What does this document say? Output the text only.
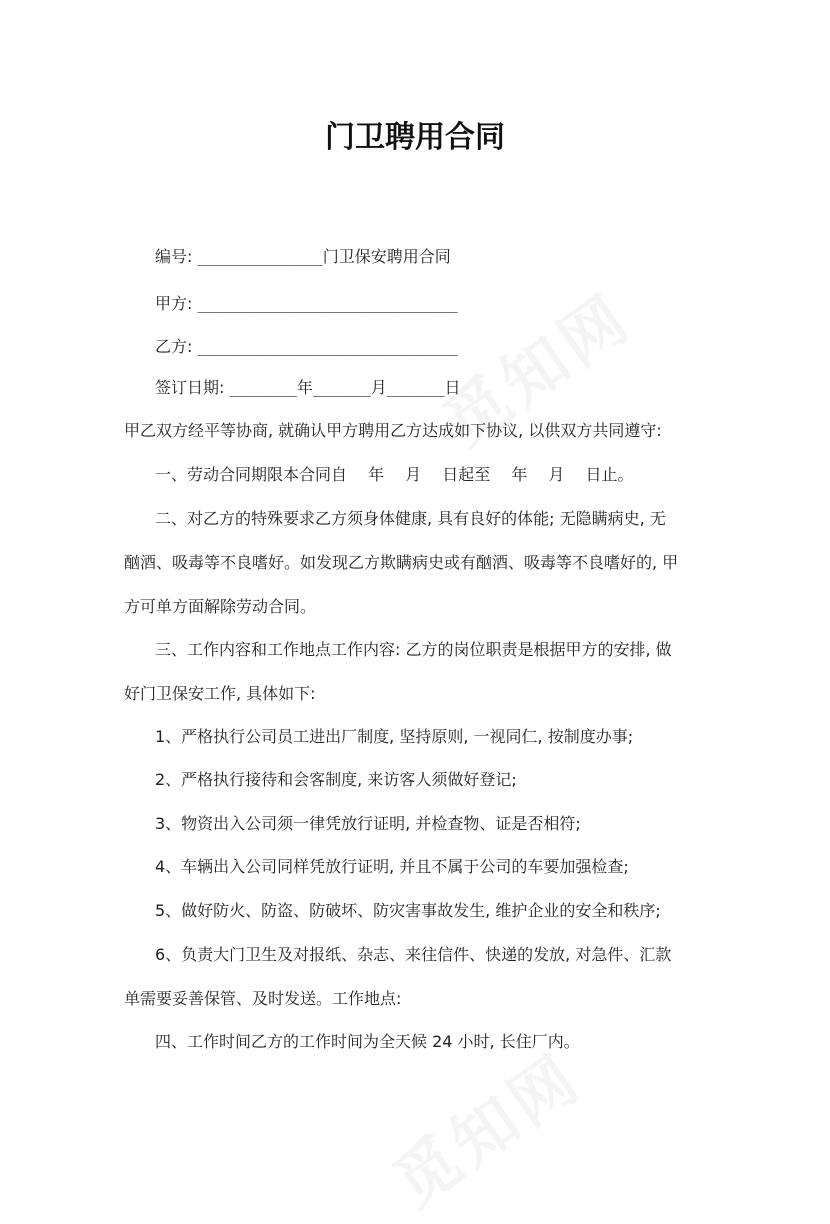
门卫聘用合同
编号: _____________门卫保安聘用合同
甲方: ___________________________
乙方: ___________________________
签订日期: _______年______月______日
甲乙双方经平等协商, 就确认甲方聘用乙方达成如下协议, 以供双方共同遵守:
一、劳动合同期限本合同自　 年　 月　 日起至　 年　 月　 日止。
二、对乙方的特殊要求乙方须身体健康, 具有良好的体能; 无隐瞒病史, 无
酗酒、吸毒等不良嗜好。如发现乙方欺瞒病史或有酗酒、吸毒等不良嗜好的, 甲
方可单方面解除劳动合同。
三、工作内容和工作地点工作内容: 乙方的岗位职责是根据甲方的安排, 做
好门卫保安工作, 具体如下:
1、严格执行公司员工进出厂制度, 坚持原则, 一视同仁, 按制度办事;
2、严格执行接待和会客制度, 来访客人须做好登记;
3、物资出入公司须一律凭放行证明, 并检查物、证是否相符;
4、车辆出入公司同样凭放行证明, 并且不属于公司的车要加强检查;
5、做好防火、防盗、防破坏、防灾害事故发生, 维护企业的安全和秩序;
6、负责大门卫生及对报纸、杂志、来往信件、快递的发放, 对急件、汇款
单需要妥善保管、及时发送。工作地点:
四、工作时间乙方的工作时间为全天候 24 小时, 长住厂内。
